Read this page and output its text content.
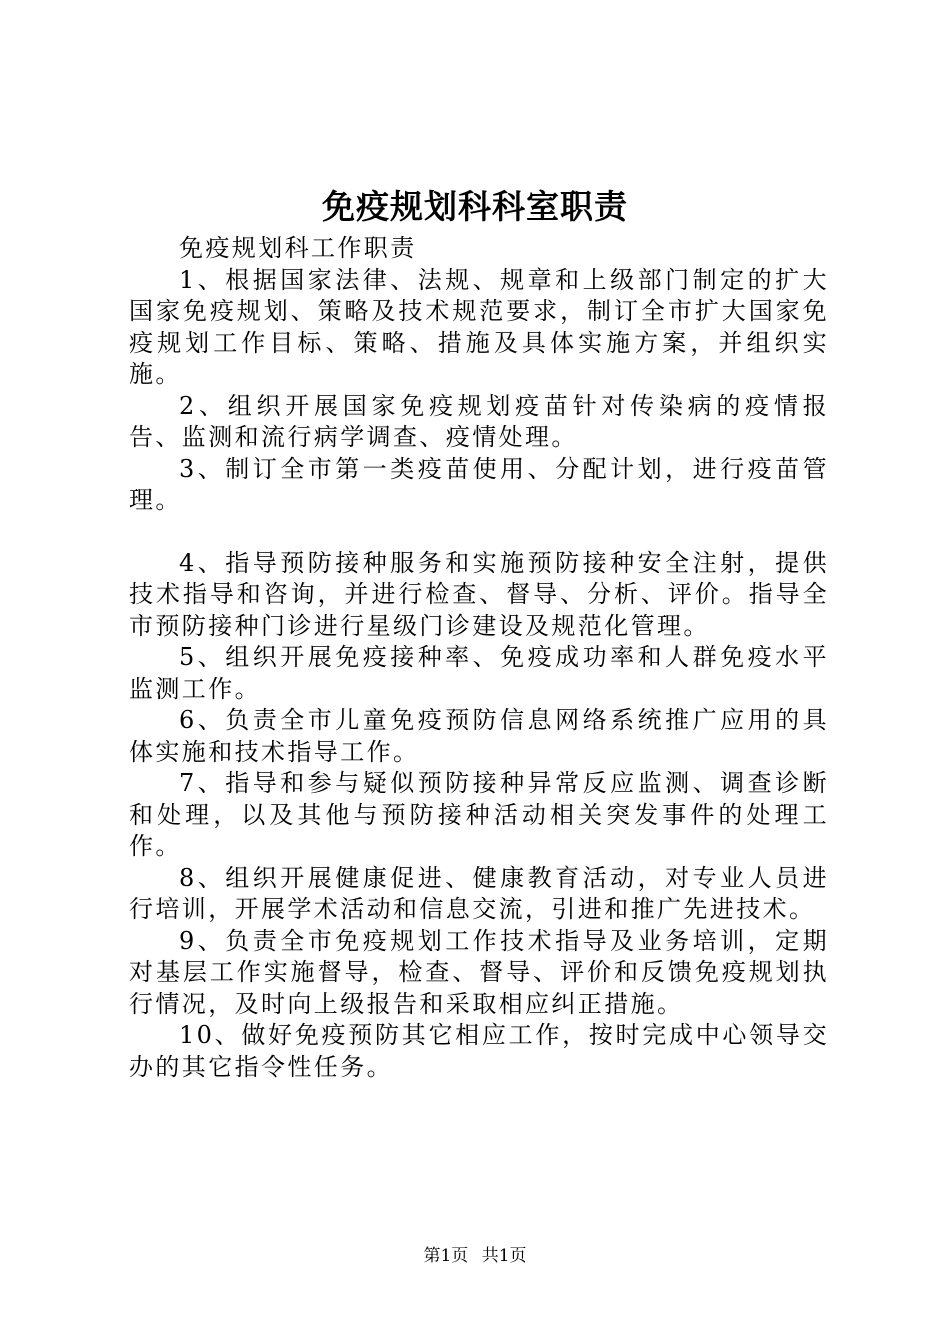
免疫规划科科室职责

免疫规划科工作职责

1、根据国家法律、法规、规章和上级部门制定的扩大国家免疫规划、策略及技术规范要求，制订全市扩大国家免疫规划工作目标、策略、措施及具体实施方案，并组织实施。

2、组织开展国家免疫规划疫苗针对传染病的疫情报告、监测和流行病学调查、疫情处理。

3、制订全市第一类疫苗使用、分配计划，进行疫苗管理。

4、指导预防接种服务和实施预防接种安全注射，提供技术指导和咨询，并进行检查、督导、分析、评价。指导全市预防接种门诊进行星级门诊建设及规范化管理。

5、组织开展免疫接种率、免疫成功率和人群免疫水平监测工作。

6、负责全市儿童免疫预防信息网络系统推广应用的具体实施和技术指导工作。

7、指导和参与疑似预防接种异常反应监测、调查诊断和处理，以及其他与预防接种活动相关突发事件的处理工作。

8、组织开展健康促进、健康教育活动，对专业人员进行培训，开展学术活动和信息交流，引进和推广先进技术。

9、负责全市免疫规划工作技术指导及业务培训，定期对基层工作实施督导，检查、督导、评价和反馈免疫规划执行情况，及时向上级报告和采取相应纠正措施。

10、做好免疫预防其它相应工作，按时完成中心领导交办的其它指令性任务。

第1页 共1页
